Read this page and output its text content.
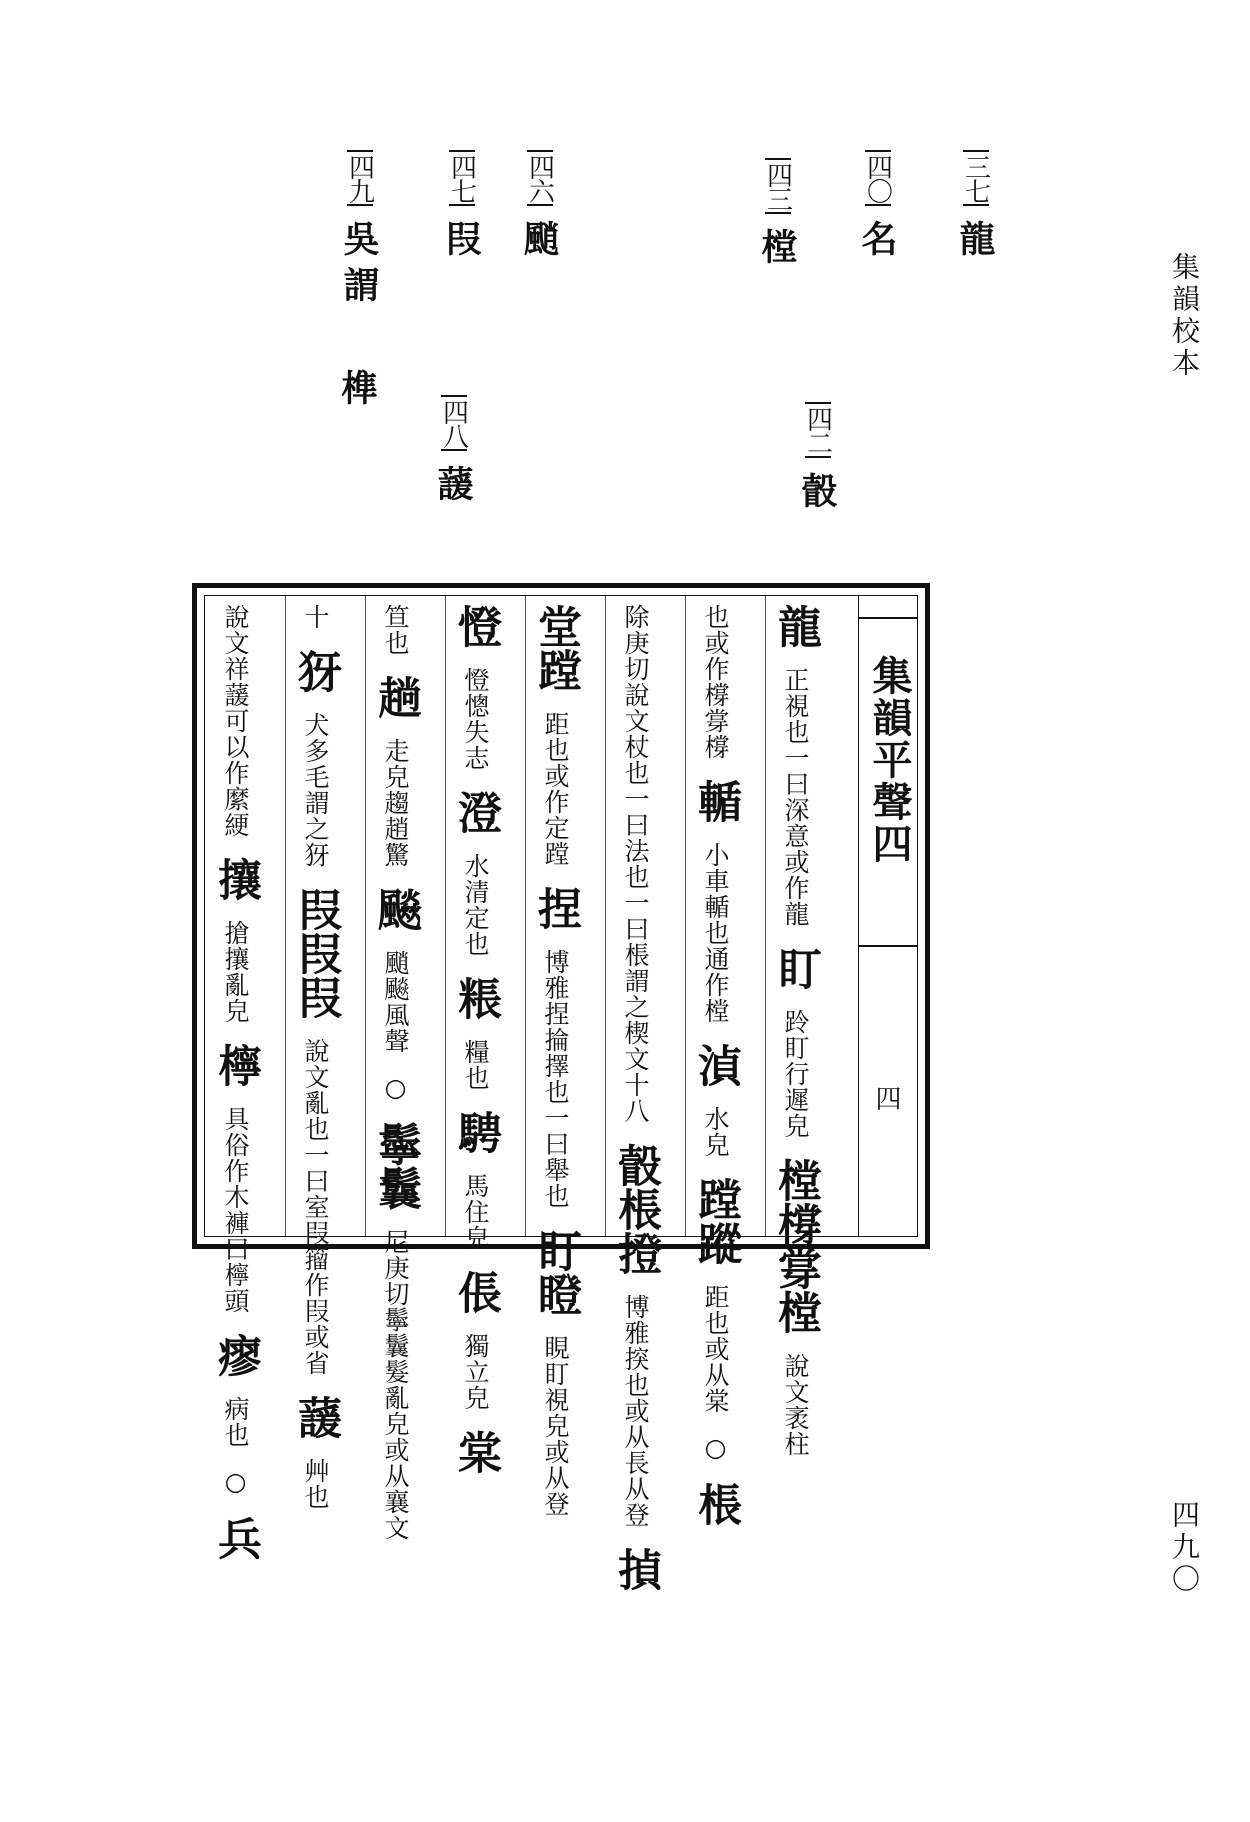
集韻校本
四九〇
三七
龍
四〇
名
四三
樘
四二
瞉
四六
颵
四七
叚
四八
蘐
四九
吳謂
榫
說文祥蘐可以作縻綆 攘 搶攘亂皃 檸 具俗作木褲曰檸頭 瘳 病也 ○ 兵
十 犽 犬多毛謂之犽 叚叚叚 說文亂也一曰室叚籀作叚或省 蘐 艸也
笪也 趟 走皃趨趙驚 飈 颵飈風聲 ○ 鬡鬤 尼庚切鬡鬤髮亂皃或从襄文
憕 憕憁失志 澄 水清定也 粻 糧也 騁 馬住皃 倀 獨立皃 棠
堂蹚 距也或作定蹚 捏 博雅捏掄擇也一曰舉也 盯瞪 睍盯視皃或从登
除庚切說文杖也一曰法也一曰棖謂之楔文十八 瞉棖撜 博雅揬也或从長从登 揁
也或作橕牚橕 輴 小車輴也通作樘 湞 水皃 蹚蹤 距也或从棠 ○ 棖
龍 正視也一曰深意或作龍 盯 跉盯行遲皃 樘橕牚樘 說文袤柱
集韻平聲四
四
